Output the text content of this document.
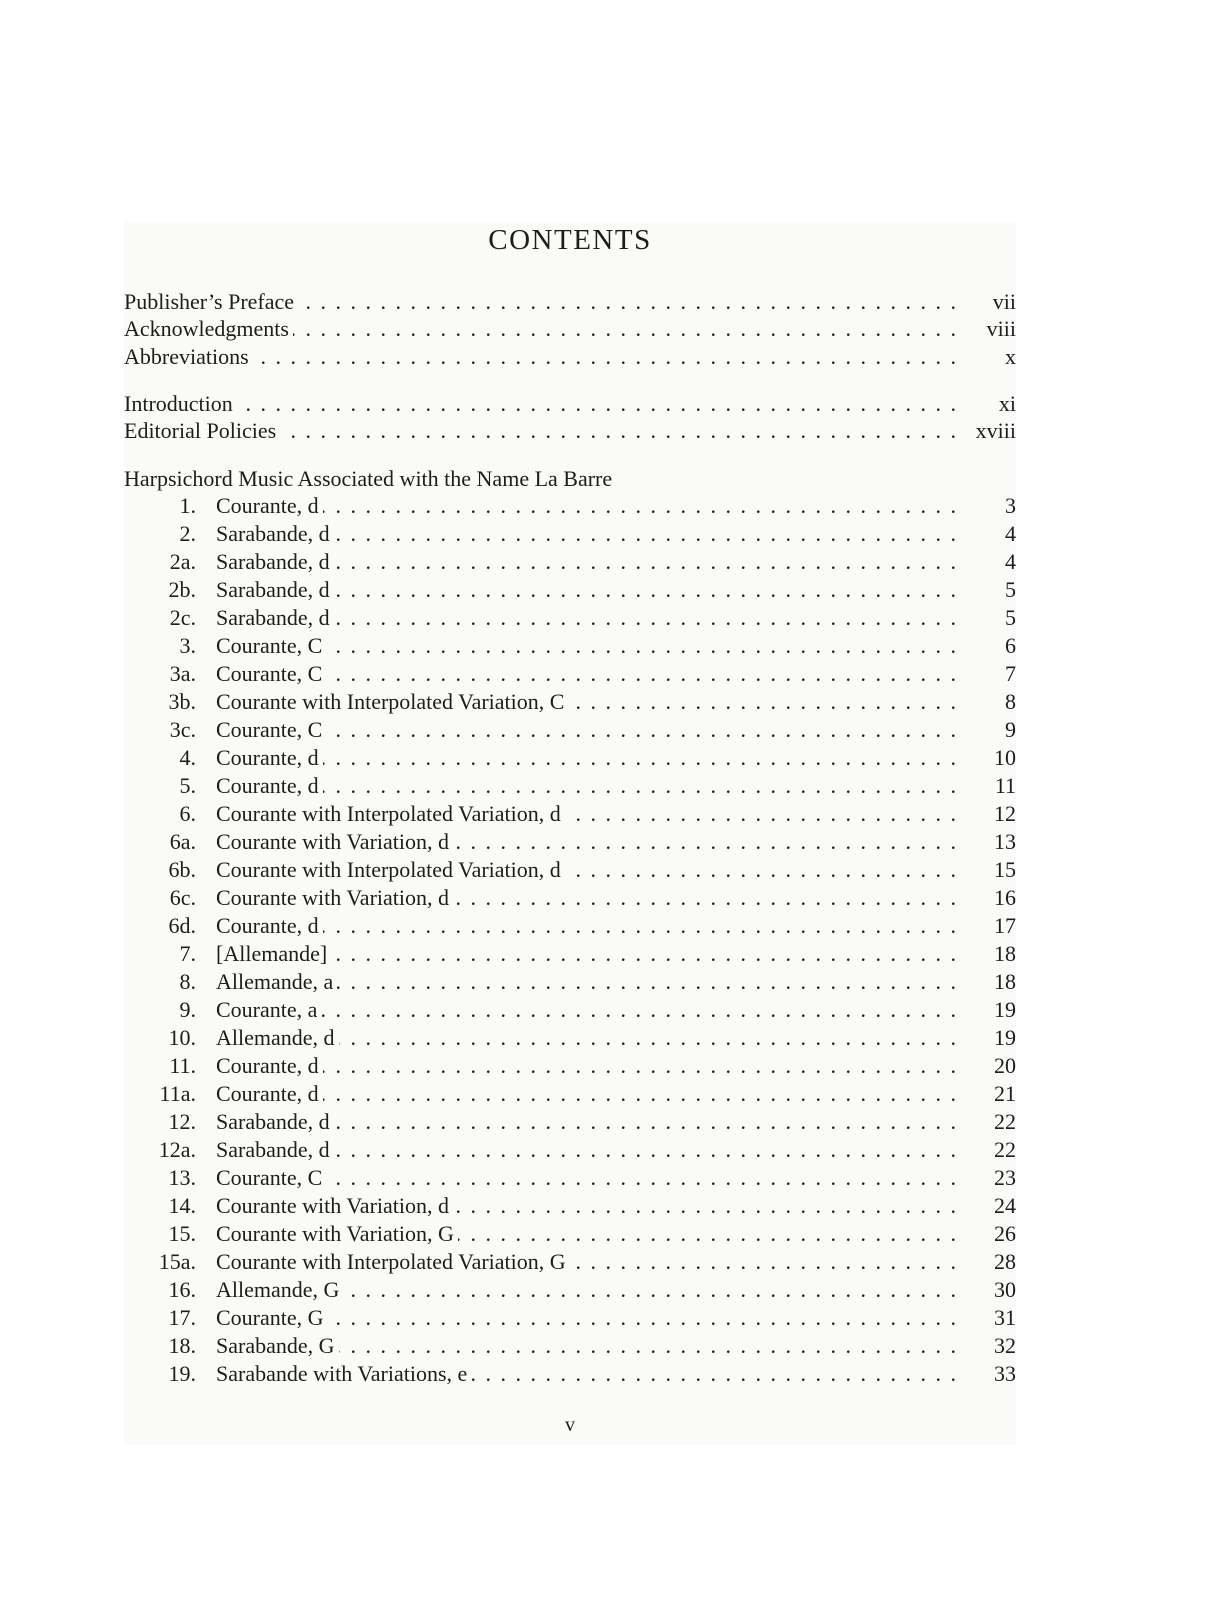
CONTENTS
Publisher’s Preface . . .	vii
Acknowledgments . . .	viii
Abbreviations . . .	x
Introduction . . .	xi
Editorial Policies . . .	xviii
Harpsichord Music Associated with the Name La Barre
1. Courante, d . . .	3
2. Sarabande, d . . .	4
2a. Sarabande, d . . .	4
2b. Sarabande, d . . .	5
2c. Sarabande, d . . .	5
3. Courante, C . . .	6
3a. Courante, C . . .	7
3b. Courante with Interpolated Variation, C . . .	8
3c. Courante, C . . .	9
4. Courante, d . . .	10
5. Courante, d . . .	11
6. Courante with Interpolated Variation, d . . .	12
6a. Courante with Variation, d . . .	13
6b. Courante with Interpolated Variation, d . . .	15
6c. Courante with Variation, d . . .	16
6d. Courante, d . . .	17
7. [Allemande] . . .	18
8. Allemande, a . . .	18
9. Courante, a . . .	19
10. Allemande, d . . .	19
11. Courante, d . . .	20
11a. Courante, d . . .	21
12. Sarabande, d . . .	22
12a. Sarabande, d . . .	22
13. Courante, C . . .	23
14. Courante with Variation, d . . .	24
15. Courante with Variation, G . . .	26
15a. Courante with Interpolated Variation, G . . .	28
16. Allemande, G . . .	30
17. Courante, G . . .	31
18. Sarabande, G . . .	32
19. Sarabande with Variations, e . . .	33
v
